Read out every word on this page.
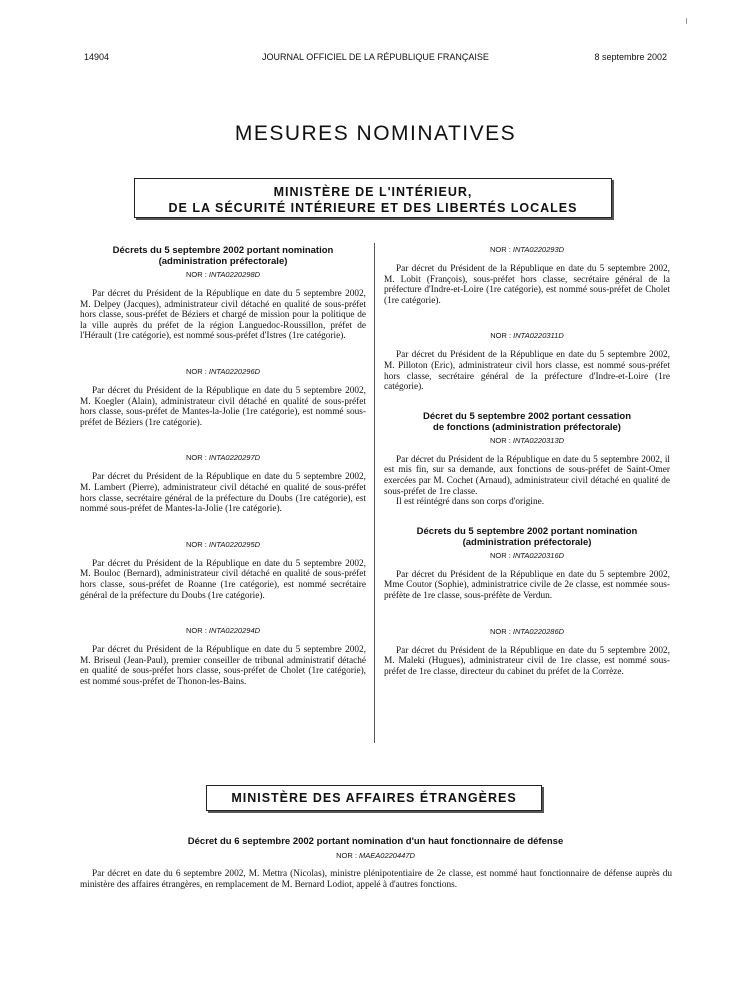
14904	JOURNAL OFFICIEL DE LA RÉPUBLIQUE FRANÇAISE	8 septembre 2002
MESURES NOMINATIVES
MINISTÈRE DE L'INTÉRIEUR,
DE LA SÉCURITÉ INTÉRIEURE ET DES LIBERTÉS LOCALES

Décrets du 5 septembre 2002 portant nomination
(administration préfectorale)

NOR : INTA0220298D

Par décret du Président de la République en date du 5 septembre 2002, M. Delpey (Jacques), administrateur civil détaché en qualité de sous-préfet hors classe, sous-préfet de Béziers et chargé de mission pour la politique de la ville auprès du préfet de la région Languedoc-Roussillon, préfet de l'Hérault (1re catégorie), est nommé sous-préfet d'Istres (1re catégorie).

NOR : INTA0220296D

Par décret du Président de la République en date du 5 septembre 2002, M. Koegler (Alain), administrateur civil détaché en qualité de sous-préfet hors classe, sous-préfet de Mantes-la-Jolie (1re catégorie), est nommé sous-préfet de Béziers (1re catégorie).

NOR : INTA0220297D

Par décret du Président de la République en date du 5 septembre 2002, M. Lambert (Pierre), administrateur civil détaché en qualité de sous-préfet hors classe, secrétaire général de la préfecture du Doubs (1re catégorie), est nommé sous-préfet de Mantes-la-Jolie (1re catégorie).

NOR : INTA0220295D

Par décret du Président de la République en date du 5 septembre 2002, M. Bouloc (Bernard), administrateur civil détaché en qualité de sous-préfet hors classe, sous-préfet de Roanne (1re catégorie), est nommé secrétaire général de la préfecture du Doubs (1re catégorie).

NOR : INTA0220294D

Par décret du Président de la République en date du 5 septembre 2002, M. Briseul (Jean-Paul), premier conseiller de tribunal administratif détaché en qualité de sous-préfet hors classe, sous-préfet de Cholet (1re catégorie), est nommé sous-préfet de Thonon-les-Bains.

NOR : INTA0220293D

Par décret du Président de la République en date du 5 septembre 2002, M. Lobit (François), sous-préfet hors classe, secrétaire général de la préfecture d'Indre-et-Loire (1re catégorie), est nommé sous-préfet de Cholet (1re catégorie).

NOR : INTA0220311D

Par décret du Président de la République en date du 5 septembre 2002, M. Pilloton (Eric), administrateur civil hors classe, est nommé sous-préfet hors classe, secrétaire général de la préfecture d'Indre-et-Loire (1re catégorie).

Décret du 5 septembre 2002 portant cessation
de fonctions (administration préfectorale)

NOR : INTA0220313D

Par décret du Président de la République en date du 5 septembre 2002, il est mis fin, sur sa demande, aux fonctions de sous-préfet de Saint-Omer exercées par M. Cochet (Arnaud), administrateur civil détaché en qualité de sous-préfet de 1re classe.

Il est réintégré dans son corps d'origine.

Décrets du 5 septembre 2002 portant nomination
(administration préfectorale)

NOR : INTA0220316D

Par décret du Président de la République en date du 5 septembre 2002, Mme Coutor (Sophie), administratrice civile de 2e classe, est nommée sous-préfète de 1re classe, sous-préfète de Verdun.

NOR : INTA0220286D

Par décret du Président de la République en date du 5 septembre 2002, M. Maleki (Hugues), administrateur civil de 1re classe, est nommé sous-préfet de 1re classe, directeur du cabinet du préfet de la Corrèze.

MINISTÈRE DES AFFAIRES ÉTRANGÈRES
Décret du 6 septembre 2002 portant nomination d'un haut fonctionnaire de défense

NOR : MAEA0220447D

Par décret en date du 6 septembre 2002, M. Mettra (Nicolas), ministre plénipotentiaire de 2e classe, est nommé haut fonctionnaire de défense auprès du ministère des affaires étrangères, en remplacement de M. Bernard Lodiot, appelé à d'autres fonctions.
